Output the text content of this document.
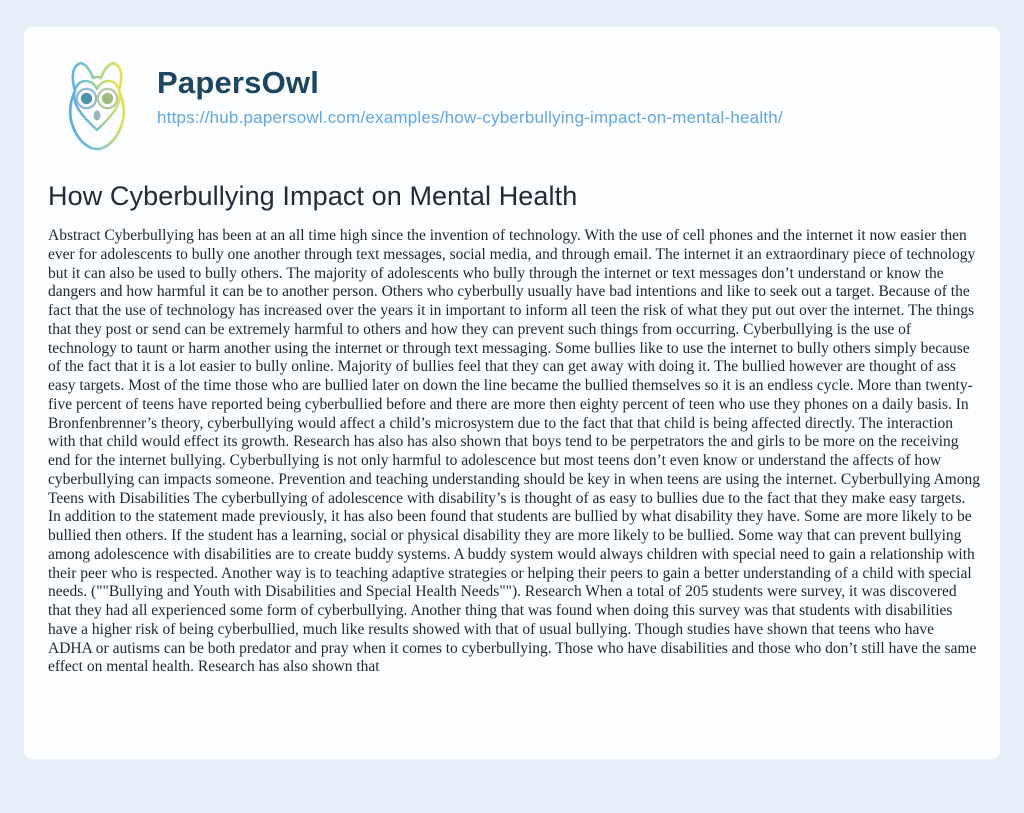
PapersOwl
https://hub.papersowl.com/examples/how-cyberbullying-impact-on-mental-health/
How Cyberbullying Impact on Mental Health

Abstract Cyberbullying has been at an all time high since the invention of technology. With the use of cell phones and the internet it now easier then ever for adolescents to bully one another through text messages, social media, and through email. The internet it an extraordinary piece of technology but it can also be used to bully others. The majority of adolescents who bully through the internet or text messages don’t understand or know the dangers and how harmful it can be to another person. Others who cyberbully usually have bad intentions and like to seek out a target. Because of the fact that the use of technology has increased over the years it in important to inform all teen the risk of what they put out over the internet. The things that they post or send can be extremely harmful to others and how they can prevent such things from occurring. Cyberbullying is the use of technology to taunt or harm another using the internet or through text messaging. Some bullies like to use the internet to bully others simply because of the fact that it is a lot easier to bully online. Majority of bullies feel that they can get away with doing it. The bullied however are thought of ass easy targets. Most of the time those who are bullied later on down the line became the bullied themselves so it is an endless cycle. More than twenty-five percent of teens have reported being cyberbullied before and there are more then eighty percent of teen who use they phones on a daily basis. In Bronfenbrenner’s theory, cyberbullying would affect a child’s microsystem due to the fact that that child is being affected directly. The interaction with that child would effect its growth. Research has also has also shown that boys tend to be perpetrators the and girls to be more on the receiving end for the internet bullying. Cyberbullying is not only harmful to adolescence but most teens don’t even know or understand the affects of how cyberbullying can impacts someone. Prevention and teaching understanding should be key in when teens are using the internet. Cyberbullying Among Teens with Disabilities The cyberbullying of adolescence with disability’s is thought of as easy to bullies due to the fact that they make easy targets. In addition to the statement made previously, it has also been found that students are bullied by what disability they have. Some are more likely to be bullied then others. If the student has a learning, social or physical disability they are more likely to be bullied. Some way that can prevent bullying among adolescence with disabilities are to create buddy systems. A buddy system would always children with special need to gain a relationship with their peer who is respected. Another way is to teaching adaptive strategies or helping their peers to gain a better understanding of a child with special needs. (""Bullying and Youth with Disabilities and Special Health Needs""). Research When a total of 205 students were survey, it was discovered that they had all experienced some form of cyberbullying. Another thing that was found when doing this survey was that students with disabilities have a higher risk of being cyberbullied, much like results showed with that of usual bullying. Though studies have shown that teens who have ADHA or autisms can be both predator and pray when it comes to cyberbullying. Those who have disabilities and those who don’t still have the same effect on mental health. Research has also shown that
